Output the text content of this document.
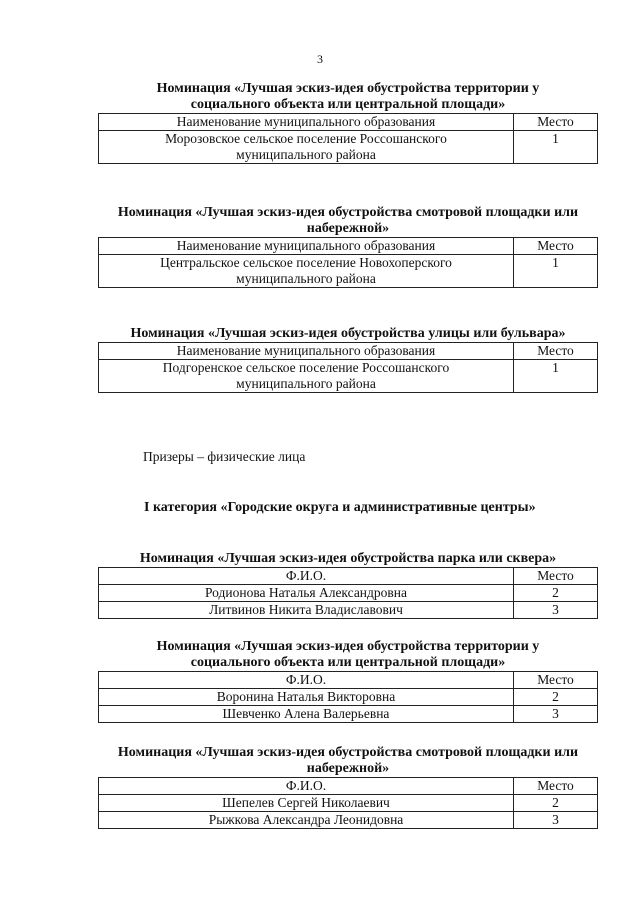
3

Номинация «Лучшая эскиз-идея обустройства территории у социального объекта или центральной площади»

Наименование муниципального образования	Место
Морозовское сельское поселение Россошанского муниципального района	1

Номинация «Лучшая эскиз-идея обустройства смотровой площадки или набережной»

Наименование муниципального образования	Место
Центральское сельское поселение Новохоперского муниципального района	1

Номинация «Лучшая эскиз-идея обустройства улицы или бульвара»

Наименование муниципального образования	Место
Подгоренское сельское поселение Россошанского муниципального района	1
Призеры – физические лица
I категория «Городские округа и административные центры»

Номинация «Лучшая эскиз-идея обустройства парка или сквера»

Ф.И.О.	Место
Родионова Наталья Александровна	2
Литвинов Никита Владиславович	3

Номинация «Лучшая эскиз-идея обустройства территории у социального объекта или центральной площади»

Ф.И.О.	Место
Воронина Наталья Викторовна	2
Шевченко Алена Валерьевна	3

Номинация «Лучшая эскиз-идея обустройства смотровой площадки или набережной»

Ф.И.О.	Место
Шепелев Сергей Николаевич	2
Рыжкова Александра Леонидовна	3
